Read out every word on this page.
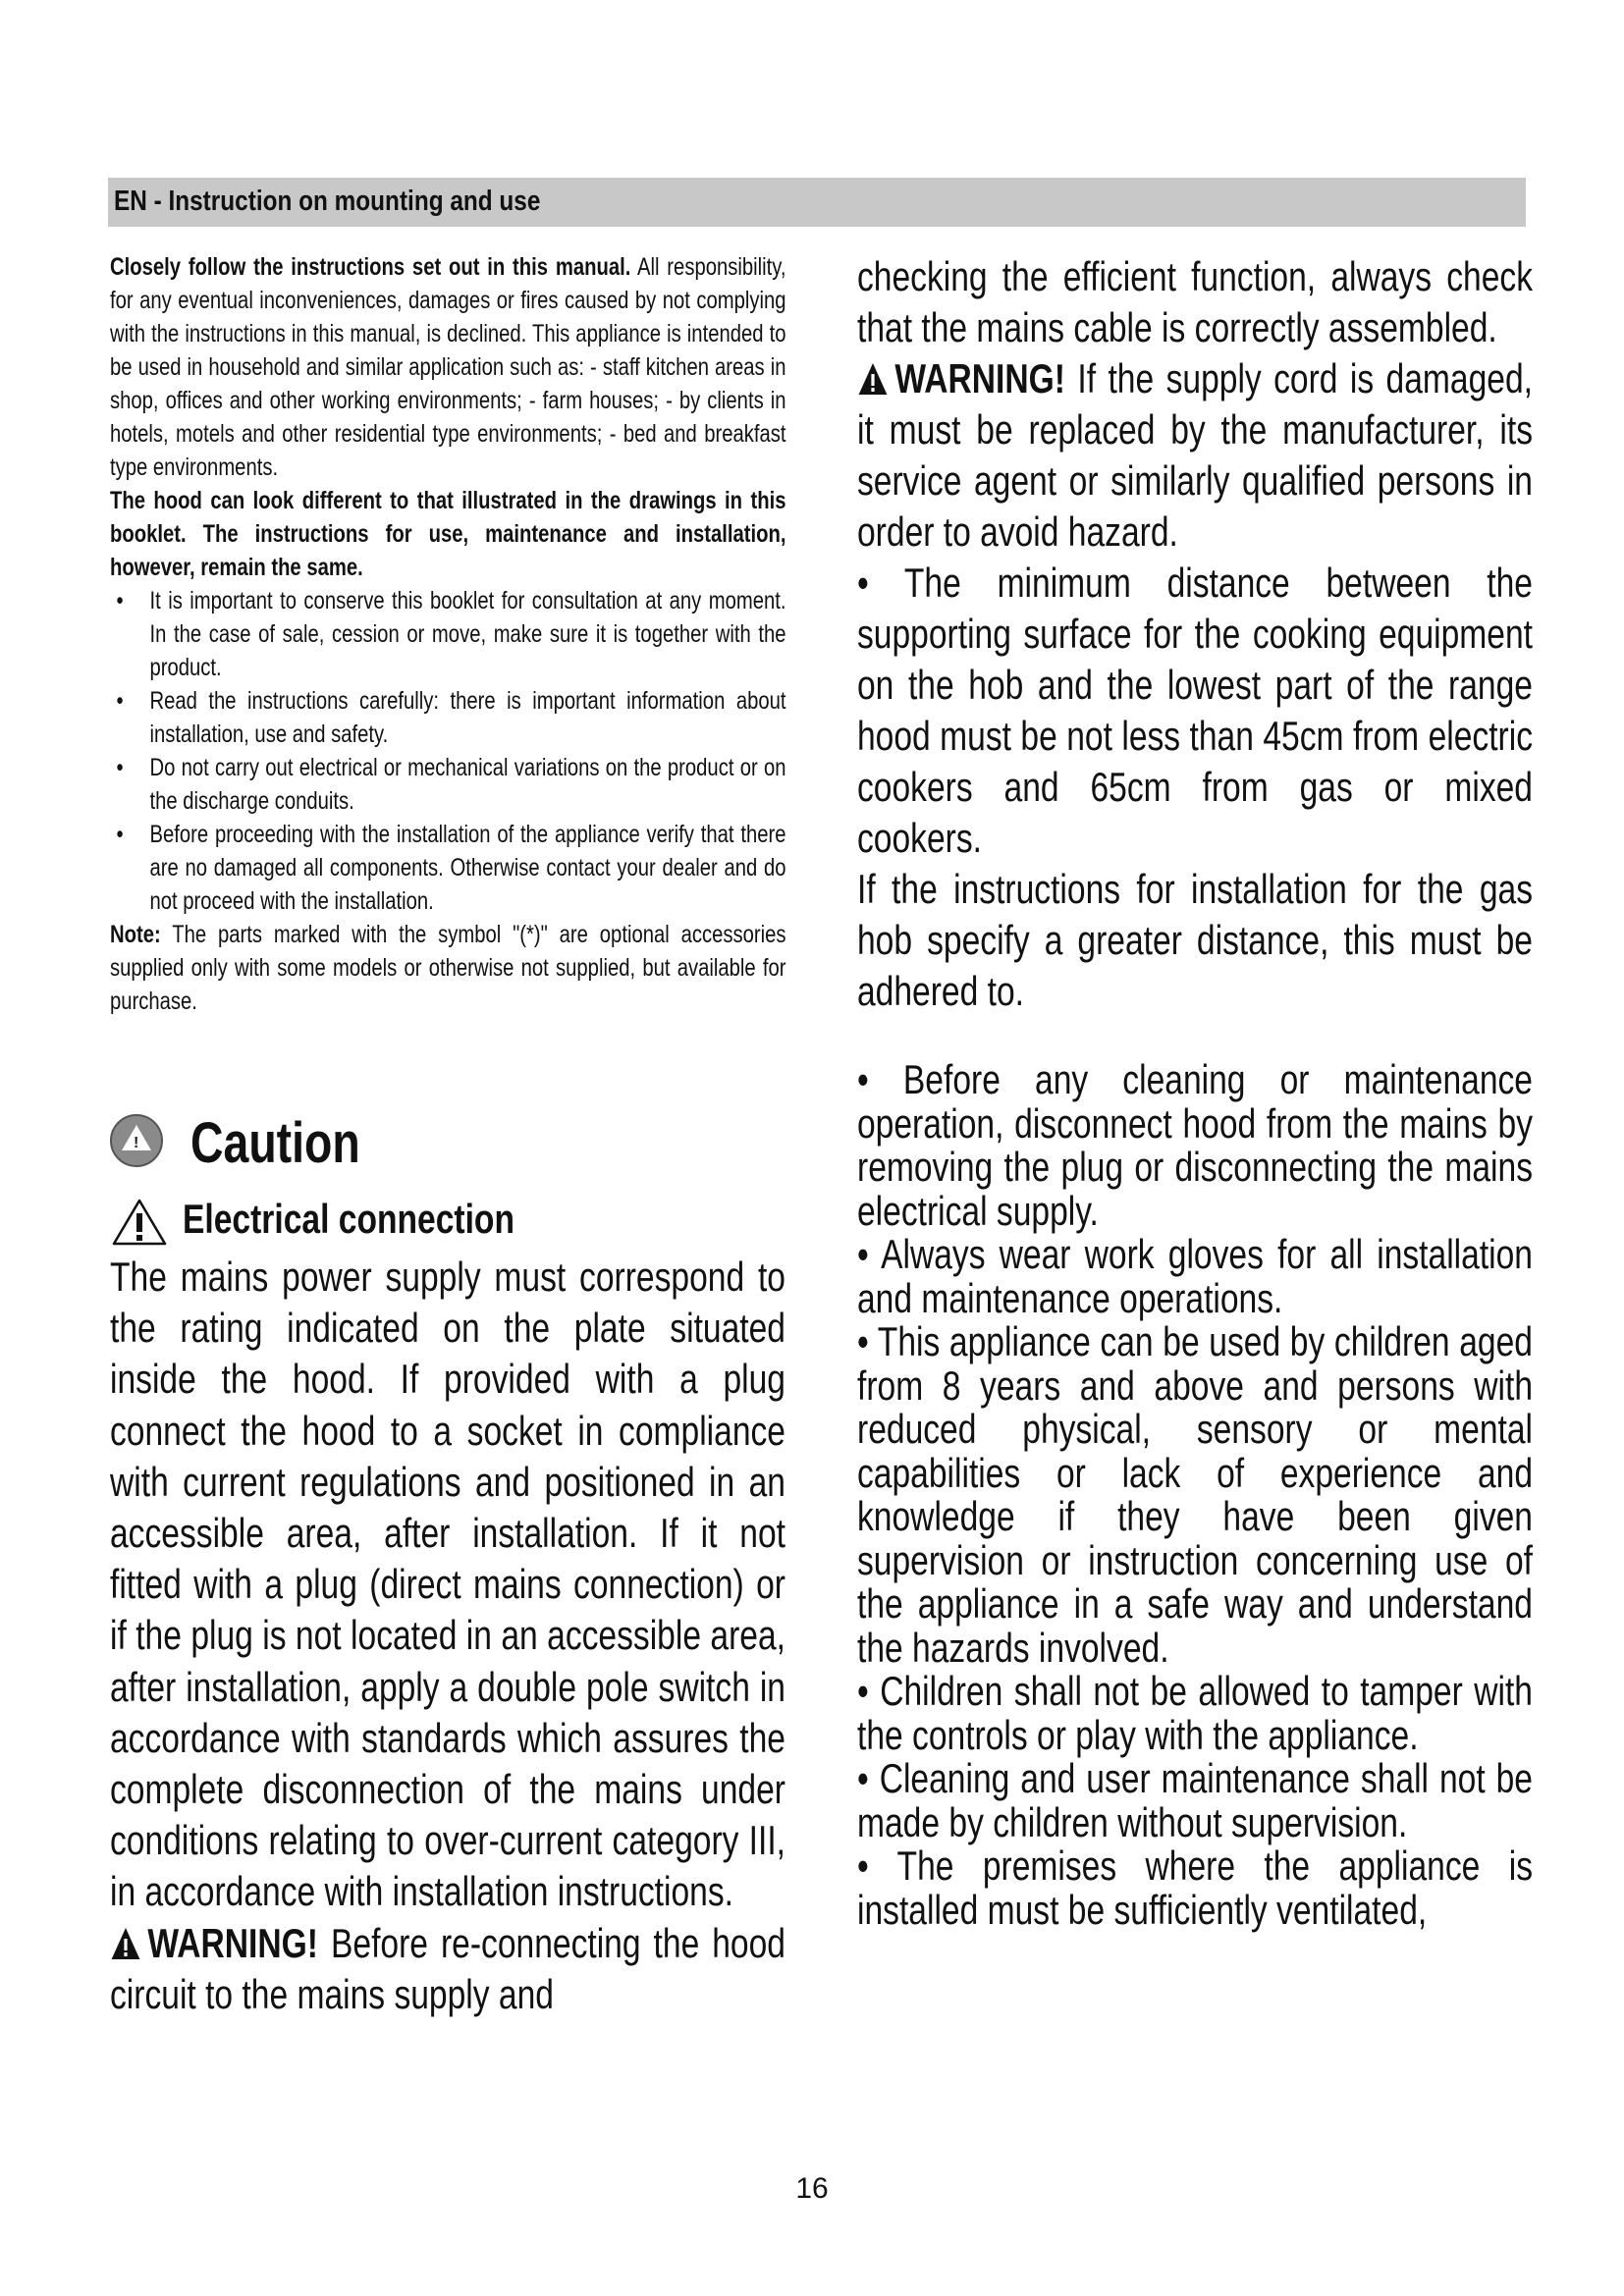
EN - Instruction on mounting and use

Closely follow the instructions set out in this manual. All responsibility, for any eventual inconveniences, damages or fires caused by not complying with the instructions in this manual, is declined. This appliance is intended to be used in household and similar application such as: - staff kitchen areas in shop, offices and other working environments; - farm houses; - by clients in hotels, motels and other residential type environments; - bed and breakfast type environments.

The hood can look different to that illustrated in the drawings in this booklet. The instructions for use, maintenance and installation, however, remain the same.

• It is important to conserve this booklet for consultation at any moment. In the case of sale, cession or move, make sure it is together with the product.
• Read the instructions carefully: there is important information about installation, use and safety.
• Do not carry out electrical or mechanical variations on the product or on the discharge conduits.
• Before proceeding with the installation of the appliance verify that there are no damaged all components. Otherwise contact your dealer and do not proceed with the installation.

Note: The parts marked with the symbol "(*)" are optional accessories supplied only with some models or otherwise not supplied, but available for purchase.

! Caution
Electrical connection

The mains power supply must correspond to the rating indicated on the plate situated inside the hood. If provided with a plug connect the hood to a socket in compliance with current regulations and positioned in an accessible area, after installation. If it not fitted with a plug (direct mains connection) or if the plug is not located in an accessible area, after installation, apply a double pole switch in accordance with standards which assures the complete disconnection of the mains under conditions relating to over-current category III, in accordance with installation instructions.

WARNING! Before re-connecting the hood circuit to the mains supply and

checking the efficient function, always check that the mains cable is correctly assembled.

WARNING! If the supply cord is damaged, it must be replaced by the manufacturer, its service agent or similarly qualified persons in order to avoid hazard.

• The minimum distance between the supporting surface for the cooking equipment on the hob and the lowest part of the range hood must be not less than 45cm from electric cookers and 65cm from gas or mixed cookers.

If the instructions for installation for the gas hob specify a greater distance, this must be adhered to.

• Before any cleaning or maintenance operation, disconnect hood from the mains by removing the plug or disconnecting the mains electrical supply.

• Always wear work gloves for all installation and maintenance operations.

• This appliance can be used by children aged from 8 years and above and persons with reduced physical, sensory or mental capabilities or lack of experience and knowledge if they have been given supervision or instruction concerning use of the appliance in a safe way and understand the hazards involved.

• Children shall not be allowed to tamper with the controls or play with the appliance.

• Cleaning and user maintenance shall not be made by children without supervision.

• The premises where the appliance is installed must be sufficiently ventilated,

16
